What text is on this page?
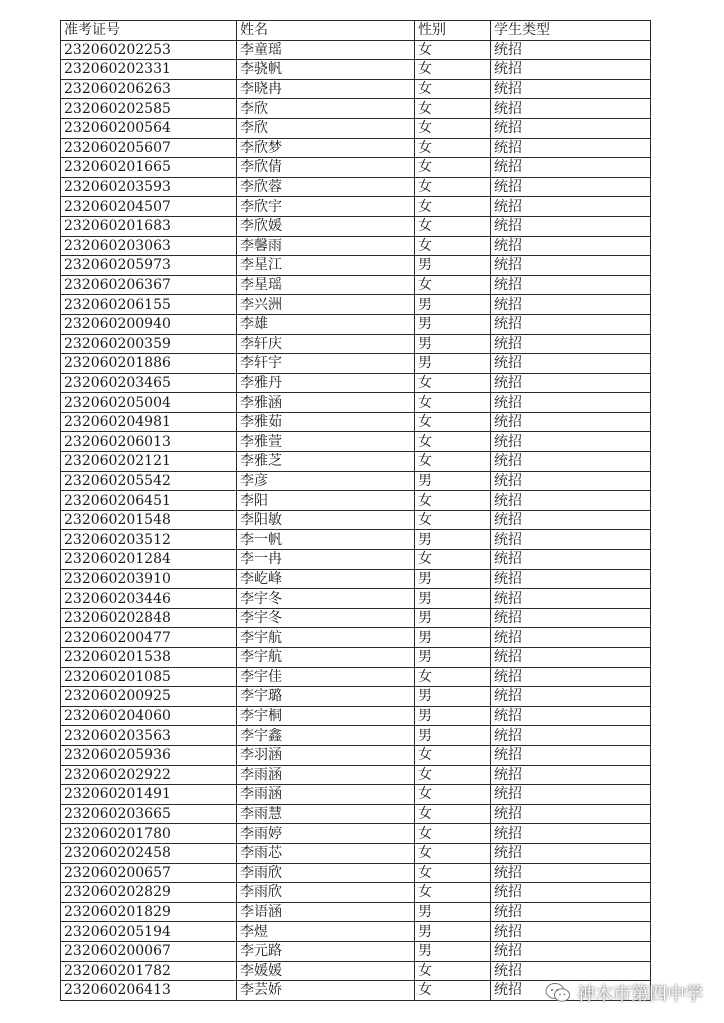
准考证号	姓名	性别	学生类型
232060202253	李童瑶	女	统招
232060202331	李骁帆	女	统招
232060206263	李晓冉	女	统招
232060202585	李欣	女	统招
232060200564	李欣	女	统招
232060205607	李欣梦	女	统招
232060201665	李欣倩	女	统招
232060203593	李欣蓉	女	统招
232060204507	李欣宇	女	统招
232060201683	李欣媛	女	统招
232060203063	李馨雨	女	统招
232060205973	李星江	男	统招
232060206367	李星瑶	女	统招
232060206155	李兴洲	男	统招
232060200940	李雄	男	统招
232060200359	李轩庆	男	统招
232060201886	李轩宇	男	统招
232060203465	李雅丹	女	统招
232060205004	李雅涵	女	统招
232060204981	李雅茹	女	统招
232060206013	李雅萱	女	统招
232060202121	李雅芝	女	统招
232060205542	李彦	男	统招
232060206451	李阳	女	统招
232060201548	李阳敏	女	统招
232060203512	李一帆	男	统招
232060201284	李一冉	女	统招
232060203910	李屹峰	男	统招
232060203446	李宇冬	男	统招
232060202848	李宇冬	男	统招
232060200477	李宇航	男	统招
232060201538	李宇航	男	统招
232060201085	李宇佳	女	统招
232060200925	李宇璐	男	统招
232060204060	李宇桐	男	统招
232060203563	李宇鑫	男	统招
232060205936	李羽涵	女	统招
232060202922	李雨涵	女	统招
232060201491	李雨涵	女	统招
232060203665	李雨慧	女	统招
232060201780	李雨婷	女	统招
232060202458	李雨芯	女	统招
232060200657	李雨欣	女	统招
232060202829	李雨欣	女	统招
232060201829	李语涵	男	统招
232060205194	李煜	男	统招
232060200067	李元路	男	统招
232060201782	李媛媛	女	统招
232060206413	李芸娇	女	统招	神木市第四中学
